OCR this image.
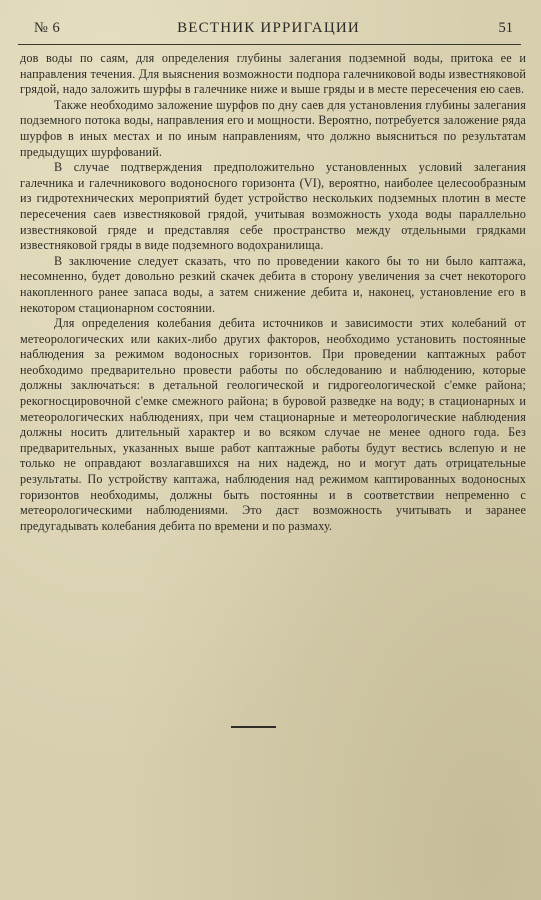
№ 6	ВЕСТНИК ИРРИГАЦИИ	51

дов воды по саям, для определения глубины залегания подземной воды, притока ее и направления течения. Для выяснения возможности подпора галечниковой воды известняковой грядой, надо заложить шурфы в галечнике ниже и выше гряды и в месте пересечения ею саев.

Также необходимо заложение шурфов по дну саев для установления глубины залегания подземного потока воды, направления его и мощности. Вероятно, потребуется заложение ряда шурфов в иных местах и по иным направлениям, что должно выясниться по результатам предыдущих шурфований.

В случае подтверждения предположительно установленных условий залегания галечника и галечникового водоносного горизонта (VI), вероятно, наиболее целесообразным из гидротехнических мероприятий будет устройство нескольких подземных плотин в месте пересечения саев известняковой грядой, учитывая возможность ухода воды параллельно известняковой гряде и представляя себе пространство между отдельными грядками известняковой гряды в виде подземного водохранилища.

В заключение следует сказать, что по проведении какого бы то ни было каптажа, несомненно, будет довольно резкий скачек дебита в сторону увеличения за счет некоторого накопленного ранее запаса воды, а затем снижение дебита и, наконец, установление его в некотором стационарном состоянии.

Для определения колебания дебита источников и зависимости этих колебаний от метеорологических или каких-либо других факторов, необходимо установить постоянные наблюдения за режимом водоносных горизонтов. При проведении каптажных работ необходимо предварительно провести работы по обследованию и наблюдению, которые должны заключаться: в детальной геологической и гидрогеологической с'емке района; рекогносцировочной с'емке смежного района; в буровой разведке на воду; в стационарных и метеорологических наблюдениях, при чем стационарные и метеорологические наблюдения должны носить длительный характер и во всяком случае не менее одного года. Без предварительных, указанных выше работ каптажные работы будут вестись вслепую и не только не оправдают возлагавшихся на них надежд, но и могут дать отрицательные результаты. По устройству каптажа, наблюдения над режимом каптированных водоносных горизонтов необходимы, должны быть постоянны и в соответствии непременно с метеорологическими наблюдениями. Это даст возможность учитывать и заранее предугадывать колебания дебита по времени и по размаху.
